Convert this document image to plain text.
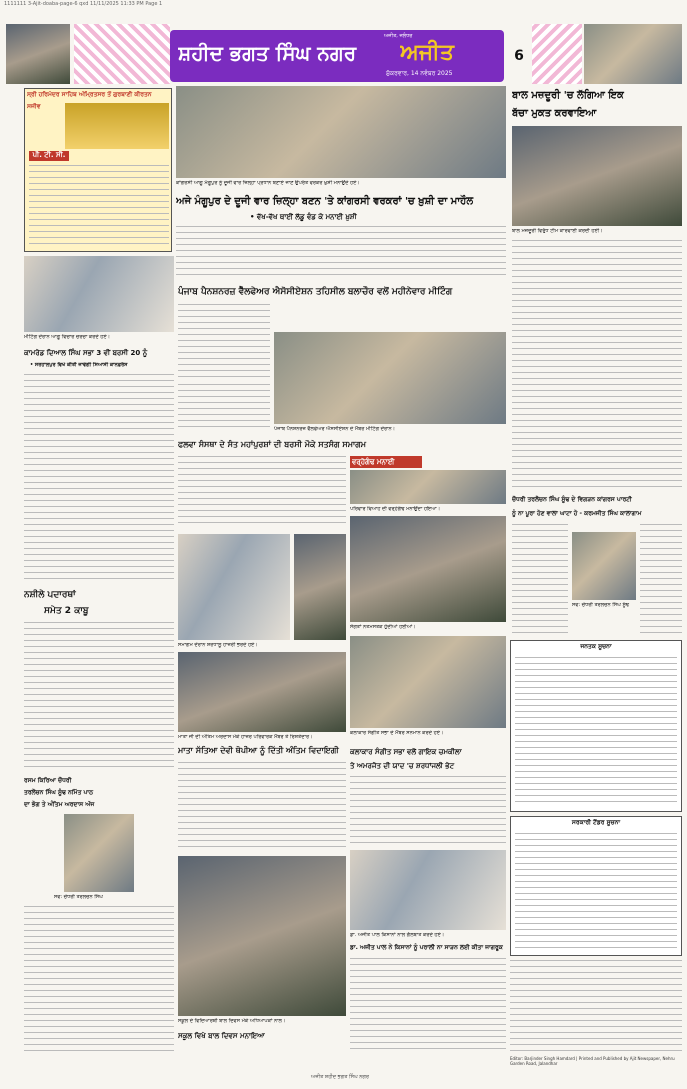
1111111 3-Ajit-doaba-page-6 qxd 11/11/2025 11:33 PM Page 1
ਸ਼ਹੀਦ ਭਗਤ ਸਿੰਘ ਨਗਰ
ਅਜੀਤ, ਜਲੰਧਰ
ਅਜੀਤ
ਸ਼ੁੱਕਰਵਾਰ, 14 ਨਵੰਬਰ 2025
6
ਸ੍ਰੀ ਹਰਿਮੰਦਰ ਸਾਹਿਬ ਅੰਮ੍ਰਿਤਸਰ ਤੋਂ ਗੁਰਬਾਣੀ ਕੀਰਤਨ
ਸਜੀਵ
ਪੀ. ਟੀ. ਸੀ.
ਕਾਂਗਰਸੀ ਆਗੂ ਮੰਗੂਪੁਰ ਨੂੰ ਦੂਜੀ ਵਾਰ ਜ਼ਿਲ੍ਹਾ ਪ੍ਰਧਾਨ ਬਣਾਏ ਜਾਣ ਉਪਰੰਤ ਵਰਕਰ ਖ਼ੁਸ਼ੀ ਮਨਾਉਂਦੇ ਹੋਏ।
ਅਜੇ ਮੰਗੂਪੁਰ ਦੇ ਦੂਜੀ ਵਾਰ ਜ਼ਿਲ੍ਹਾ ਬਣਨ 'ਤੇ ਕਾਂਗਰਸੀ ਵਰਕਰਾਂ 'ਚ ਖ਼ੁਸ਼ੀ ਦਾ ਮਾਹੌਲ
• ਵੱਖ-ਵੱਖ ਥਾਈਂ ਲੱਡੂ ਵੰਡ ਕੇ ਮਨਾਈ ਖ਼ੁਸ਼ੀ
ਬਾਲ ਮਜ਼ਦੂਰੀ 'ਚ ਲੱਗਿਆ ਇਕ
ਬੱਚਾ ਮੁਕਤ ਕਰਵਾਇਆ
ਬਾਲ ਮਜ਼ਦੂਰੀ ਵਿਰੁੱਧ ਟੀਮ ਕਾਰਵਾਈ ਕਰਦੀ ਹੋਈ।
ਮੀਟਿੰਗ ਦੌਰਾਨ ਆਗੂ ਵਿਚਾਰ ਚਰਚਾ ਕਰਦੇ ਹੋਏ।
ਪੰਜਾਬ ਪੈਨਸ਼ਨਰਜ਼ ਵੈੱਲਫੇਅਰ ਐਸੋਸੀਏਸ਼ਨ ਤਹਿਸੀਲ ਬਲਾਚੌਰ ਵਲੋਂ ਮਹੀਨੇਵਾਰ ਮੀਟਿੰਗ
ਪੰਜਾਬ ਪੈਨਸ਼ਨਰਜ਼ ਵੈੱਲਫੇਅਰ ਐਸੋਸੀਏਸ਼ਨ ਦੇ ਮੈਂਬਰ ਮੀਟਿੰਗ ਦੌਰਾਨ।
ਕਾਮਰੇਡ ਦਿਆਲ ਸਿੰਘ ਸਭਾ 3 ਵੀਂ ਬਰਸੀ 20 ਨੂੰ
• ਸਰਹਾਲਪੁਰ ਵਿਖੇ ਕੀਤੀ ਜਾਵੇਗੀ ਸਿਆਸੀ ਕਾਨਫ਼ਰੰਸ
ਫਲਵਾ ਸੰਸਥਾ ਦੇ ਸੰਤ ਮਹਾਂਪੁਰਸ਼ਾਂ ਦੀ ਬਰਸੀ ਮੌਕੇ ਸਤਸੰਗ ਸਮਾਗਮ
ਸਮਾਗਮ ਦੌਰਾਨ ਸ਼ਰਧਾਲੂ ਹਾਜ਼ਰੀ ਭਰਦੇ ਹੋਏ।
ਵਰ੍ਹੇਗੰਢ ਮਨਾਈ
ਪਰਿਵਾਰ ਵਿਆਹ ਦੀ ਵਰ੍ਹੇਗੰਢ ਮਨਾਉਂਦਾ ਹੋਇਆ।
ਸੰਗਤਾਂ ਨਤਮਸਤਕ ਹੁੰਦੀਆਂ ਹੋਈਆਂ।
ਚੌਧਰੀ ਤਰਲੋਚਨ ਸਿੰਘ ਸੂੰਢ ਦੇ ਵਿਗੜਨ ਕਾਂਗਰਸ ਪਾਰਟੀ
ਨੂੰ ਨਾ ਪੂਰਾ ਹੋਣ ਵਾਲਾ ਘਾਟਾ ਹੋ - ਕਰਮਜੀਤ ਸਿੰਘ ਕਾਲਾਗਾਮ
ਸਵ: ਚੌਧਰੀ ਤਰਲੋਚਨ ਸਿੰਘ ਸੂੰਢ
ਨਸ਼ੀਲੇ ਪਦਾਰਥਾਂ
ਸਮੇਤ 2 ਕਾਬੂ
ਮਾਤਾ ਜੀ ਦੀ ਅੰਤਿਮ ਅਰਦਾਸ ਮੌਕੇ ਹਾਜ਼ਰ ਪਰਿਵਾਰਕ ਮੈਂਬਰ ਤੇ ਰਿਸ਼ਤੇਦਾਰ।
ਮਾਤਾ ਸੱਤਿਆ ਦੇਵੀ ਥੋਪੀਆ ਨੂੰ ਦਿੱਤੀ ਅੰਤਿਮ ਵਿਦਾਇਗੀ
ਕਲਾਕਾਰ ਸੰਗੀਤ ਸਭਾ ਦੇ ਮੈਂਬਰ ਸਨਮਾਨ ਕਰਦੇ ਹੋਏ।
ਕਲਾਕਾਰ ਸੰਗੀਤ ਸਭਾ ਵਲੋਂ ਗਾਇਕ ਚਮਕੀਲਾ
ਤੇ ਅਮਰਜੋਤ ਦੀ ਯਾਦ 'ਚ ਸ਼ਰਧਾਂਜਲੀ ਭੇਟ
ਜਨਤਕ ਸੂਚਨਾ
ਸਰਕਾਰੀ ਟੈਂਡਰ ਸੂਚਨਾ
ਰਸਮ ਕਿਰਿਆ ਚੌਧਰੀ
ਤਰਲੋਚਨ ਸਿੰਘ ਸੂੰਢ ਨਮਿੱਤ ਪਾਠ
ਦਾ ਭੋਗ ਤੇ ਅੰਤਿਮ ਅਰਦਾਸ ਅੱਜ
ਸਵ: ਚੌਧਰੀ ਤਰਲੋਚਨ ਸਿੰਘ
ਸਕੂਲ ਦੇ ਵਿਦਿਆਰਥੀ ਬਾਲ ਦਿਵਸ ਮੌਕੇ ਅਧਿਆਪਕਾਂ ਨਾਲ।
ਸਕੂਲ ਵਿਖੇ ਬਾਲ ਦਿਵਸ ਮਨਾਇਆ
ਡਾ. ਅਜੀਤ ਪਾਲ ਕਿਸਾਨਾਂ ਨਾਲ ਗੱਲਬਾਤ ਕਰਦੇ ਹੋਏ।
ਡਾ. ਅਜੀਤ ਪਾਲ ਨੇ ਕਿਸਾਨਾਂ ਨੂੰ ਪਰਾਲੀ ਨਾ ਸਾੜਨ ਲਈ ਕੀਤਾ ਜਾਗਰੂਕ
Editor: Barjinder Singh Hamdard | Printed and Published by Ajit Newspaper, Nehru Garden Road, Jalandhar
ਅਜੀਤ ਸ਼ਹੀਦ ਭਗਤ ਸਿੰਘ ਨਗਰ
